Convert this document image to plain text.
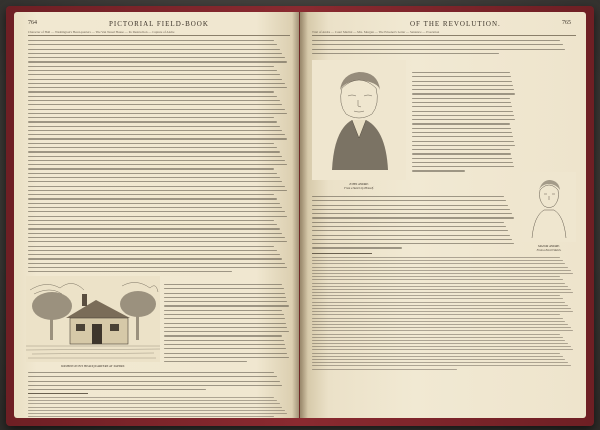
764	PICTORIAL FIELD-BOOK
Character of Hull — Washington's Head-quarters — The Van Tassel House — Its Destruction — Capture of Andre
WASHINGTON'S HEADQUARTERS AT TAPPAN.
OF THE REVOLUTION.	765
Trial of Andre — Court Martial — Mrs. Morgan — The Prisoner's Letter — Sentence — Execution
JOHN ANDRE.
From a Sketch by Himself.
MAJOR ANDRE.
From a Pencil Sketch.
